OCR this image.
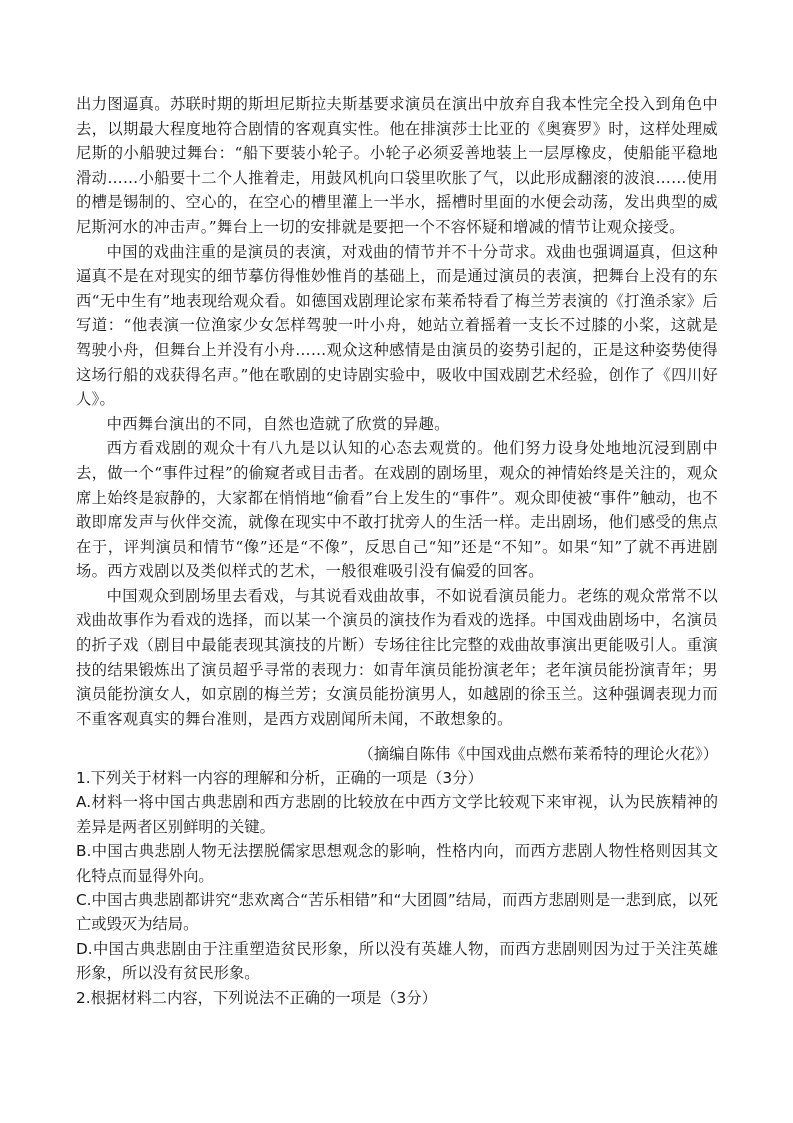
出力图逼真。苏联时期的斯坦尼斯拉夫斯基要求演员在演出中放弃自我本性完全投入到角色中去，以期最大程度地符合剧情的客观真实性。他在排演莎士比亚的《奥赛罗》时，这样处理威尼斯的小船驶过舞台：“船下要装小轮子。小轮子必须妥善地装上一层厚橡皮，使船能平稳地滑动……小船要十二个人推着走，用鼓风机向口袋里吹胀了气，以此形成翻滚的波浪……使用的槽是锡制的、空心的，在空心的槽里灌上一半水，摇槽时里面的水便会动荡，发出典型的威尼斯河水的冲击声。”舞台上一切的安排就是要把一个不容怀疑和增减的情节让观众接受。

中国的戏曲注重的是演员的表演，对戏曲的情节并不十分苛求。戏曲也强调逼真，但这种逼真不是在对现实的细节摹仿得惟妙惟肖的基础上，而是通过演员的表演，把舞台上没有的东西“无中生有”地表现给观众看。如德国戏剧理论家布莱希特看了梅兰芳表演的《打渔杀家》后写道：“他表演一位渔家少女怎样驾驶一叶小舟，她站立着摇着一支长不过膝的小桨，这就是驾驶小舟，但舞台上并没有小舟……观众这种感情是由演员的姿势引起的，正是这种姿势使得这场行船的戏获得名声。”他在歌剧的史诗剧实验中，吸收中国戏剧艺术经验，创作了《四川好人》。

中西舞台演出的不同，自然也造就了欣赏的异趣。

西方看戏剧的观众十有八九是以认知的心态去观赏的。他们努力设身处地地沉浸到剧中去，做一个“事件过程”的偷窥者或目击者。在戏剧的剧场里，观众的神情始终是关注的，观众席上始终是寂静的，大家都在悄悄地“偷看”台上发生的“事件”。观众即使被“事件”触动，也不敢即席发声与伙伴交流，就像在现实中不敢打扰旁人的生活一样。走出剧场，他们感受的焦点在于，评判演员和情节“像”还是“不像”，反思自己“知”还是“不知”。如果“知”了就不再进剧场。西方戏剧以及类似样式的艺术，一般很难吸引没有偏爱的回客。

中国观众到剧场里去看戏，与其说看戏曲故事，不如说看演员能力。老练的观众常常不以戏曲故事作为看戏的选择，而以某一个演员的演技作为看戏的选择。中国戏曲剧场中，名演员的折子戏（剧目中最能表现其演技的片断）专场往往比完整的戏曲故事演出更能吸引人。重演技的结果锻炼出了演员超乎寻常的表现力：如青年演员能扮演老年；老年演员能扮演青年；男演员能扮演女人，如京剧的梅兰芳；女演员能扮演男人，如越剧的徐玉兰。这种强调表现力而不重客观真实的舞台准则，是西方戏剧闻所未闻，不敢想象的。

（摘编自陈伟《中国戏曲点燃布莱希特的理论火花》）

1.下列关于材料一内容的理解和分析，正确的一项是（3分）

A.材料一将中国古典悲剧和西方悲剧的比较放在中西方文学比较观下来审视，认为民族精神的差异是两者区别鲜明的关键。

B.中国古典悲剧人物无法摆脱儒家思想观念的影响，性格内向，而西方悲剧人物性格则因其文化特点而显得外向。

C.中国古典悲剧都讲究“悲欢离合“苦乐相错”和“大团圆”结局，而西方悲剧则是一悲到底，以死亡或毁灭为结局。

D.中国古典悲剧由于注重塑造贫民形象，所以没有英雄人物，而西方悲剧则因为过于关注英雄形象，所以没有贫民形象。

2.根据材料二内容，下列说法不正确的一项是（3分）
